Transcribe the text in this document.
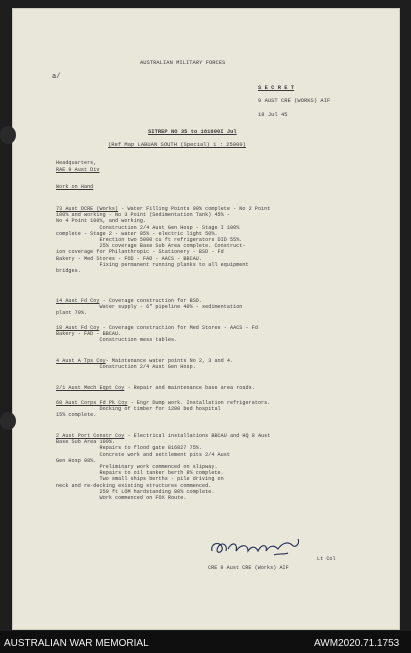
a/
AUSTRALIAN MILITARY FORCES
S E C R E T
9 AUST CRE (WORKS) AIF
18 Jul 45
SITREP NO 35 to 181600I Jul
(Ref Map LABUAN SOUTH (Special) 1 : 25000)
Headquarters,
RAE 9 Aust Div
Work on Hand
73 Aust DCRE (Works) - Water Filling Points 90% complete - No 2 Point
100% and working - No 3 Point (Sedimentation Tank) 45% -
No 4 Point 100%, and working.
Construction 2/4 Aust Gen Hosp - Stage I 100%
complete - Stage 2 - water 85% - electric light 50%.
Erection two 5000 cu ft refrigerators DID 55%.
25% coverage Base Sub Area complete. Construct-
ion coverage for Philanthropic - Stationery - BSD - Fd
Bakery - Med Stores - FOD - FAD - AACS - BBCAU.
Fixing permanent running planks to all equipment
bridges.
14 Aust Fd Coy - Coverage construction for BSD.
Water supply - 6" pipeline 40% - sedimentation
plant 70%.
18 Aust Fd Coy - Coverage construction for Med Stores - AACS - Fd
Bakery - FAD - BBCAU.
Construction mess tables.
4 Aust A Tps Coy- Maintenance water points No 2, 3 and 4.
Construction 2/4 Aust Gen Hosp.
2/1 Aust Mech Eqpt Coy - Repair and maintenance base area roads.
60 Aust Corps Fd Pk Coy - Engr Dump work. Installation refrigerators.
Docking of timber for 1200 bed hospital
15% complete.
2 Aust Port Constr Coy - Electrical installations BBCAU and HQ 8 Aust
Base Sub Area 100%.
Repairs to flood gate 816827 75%.
Concrete work and settlement pits 2/4 Aust
Gen Hosp 98%.
Preliminary work commenced on slipway.
Repairs to oil tanker berth 8% complete.
Two small ships berths - pile driving on
neck and re-decking existing structures commenced.
250 ft LOM hardstanding 80% complete.
Work commenced on FOX Route.
Lt Col
CRE 9 Aust CRE (Works) AIF
AUSTRALIAN WAR MEMORIAL	AWM2020.71.1753
